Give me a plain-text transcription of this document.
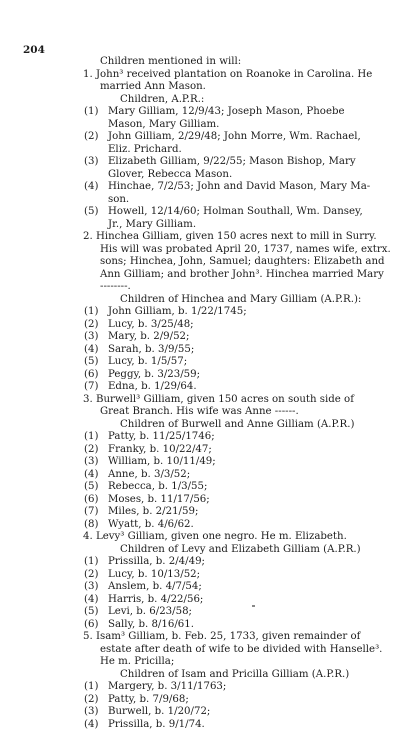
204
Children mentioned in will:
1. John³ received plantation on Roanoke in Carolina. He
married Ann Mason.
Children, A.P.R.:
(1) Mary Gilliam, 12/9/43; Joseph Mason, Phoebe
Mason, Mary Gilliam.
(2) John Gilliam, 2/29/48; John Morre, Wm. Rachael,
Eliz. Prichard.
(3) Elizabeth Gilliam, 9/22/55; Mason Bishop, Mary
Glover, Rebecca Mason.
(4) Hinchae, 7/2/53; John and David Mason, Mary Ma-
son.
(5) Howell, 12/14/60; Holman Southall, Wm. Dansey,
Jr., Mary Gilliam.
2. Hinchea Gilliam, given 150 acres next to mill in Surry.
His will was probated April 20, 1737, names wife, extrx.
sons; Hinchea, John, Samuel; daughters: Elizabeth and
Ann Gilliam; and brother John³. Hinchea married Mary
--------.
Children of Hinchea and Mary Gilliam (A.P.R.):
(1) John Gilliam, b. 1/22/1745;
(2) Lucy, b. 3/25/48;
(3) Mary, b. 2/9/52;
(4) Sarah, b. 3/9/55;
(5) Lucy, b. 1/5/57;
(6) Peggy, b. 3/23/59;
(7) Edna, b. 1/29/64.
3. Burwell³ Gilliam, given 150 acres on south side of
Great Branch. His wife was Anne ------.
Children of Burwell and Anne Gilliam (A.P.R.)
(1) Patty, b. 11/25/1746;
(2) Franky, b. 10/22/47;
(3) William, b. 10/11/49;
(4) Anne, b. 3/3/52;
(5) Rebecca, b. 1/3/55;
(6) Moses, b. 11/17/56;
(7) Miles, b. 2/21/59;
(8) Wyatt, b. 4/6/62.
4. Levy³ Gilliam, given one negro. He m. Elizabeth.
Children of Levy and Elizabeth Gilliam (A.P.R.)
(1) Prissilla, b. 2/4/49;
(2) Lucy, b. 10/13/52;
(3) Anslem, b. 4/7/54;
(4) Harris, b. 4/22/56;
(5) Levi, b. 6/23/58;
(6) Sally, b. 8/16/61.
5. Isam³ Gilliam, b. Feb. 25, 1733, given remainder of
estate after death of wife to be divided with Hanselle³.
He m. Pricilla;
Children of Isam and Pricilla Gilliam (A.P.R.)
(1) Margery, b. 3/11/1763;
(2) Patty, b. 7/9/68;
(3) Burwell, b. 1/20/72;
(4) Prissilla, b. 9/1/74.
